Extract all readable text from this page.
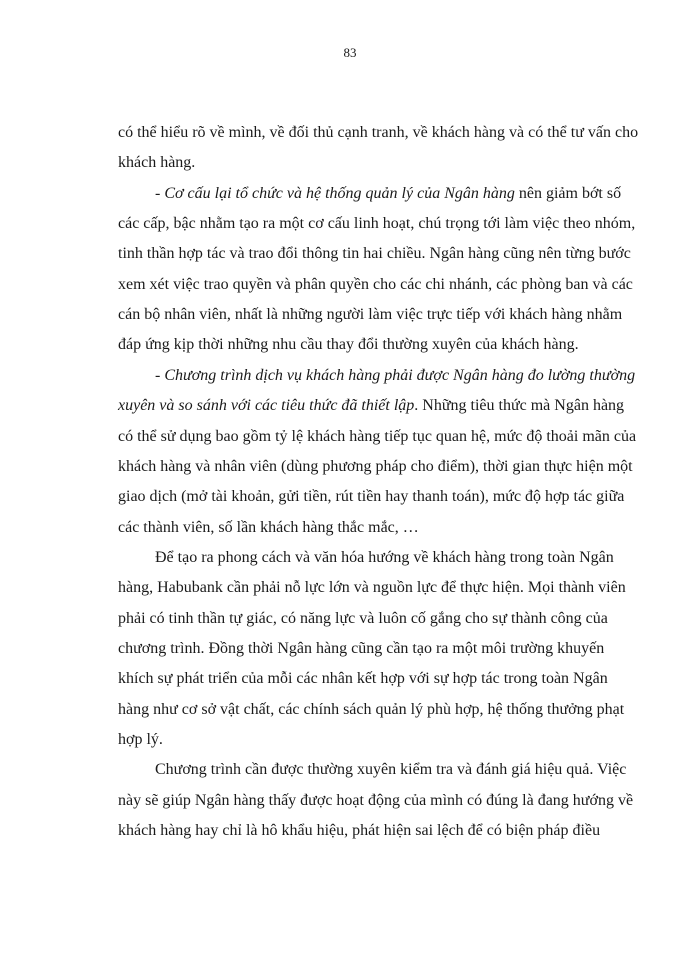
83
có thể hiểu rõ về mình, về đối thủ cạnh tranh, về khách hàng và có thể tư vấn cho
khách hàng.
- Cơ cấu lại tổ chức và hệ thống quản lý của Ngân hàng nên giảm bớt số
các cấp, bậc nhằm tạo ra một cơ cấu linh hoạt, chú trọng tới làm việc theo nhóm,
tinh thần hợp tác và trao đổi thông tin hai chiều. Ngân hàng cũng nên từng bước
xem xét việc trao quyền và phân quyền cho các chi nhánh, các phòng ban và các
cán bộ nhân viên, nhất là những người làm việc trực tiếp với khách hàng nhằm
đáp ứng kịp thời những nhu cầu thay đổi thường xuyên của khách hàng.
- Chương trình dịch vụ khách hàng phải được Ngân hàng đo lường thường
xuyên và so sánh với các tiêu thức đã thiết lập. Những tiêu thức mà Ngân hàng
có thể sử dụng bao gồm tỷ lệ khách hàng tiếp tục quan hệ, mức độ thoải mãn của
khách hàng và nhân viên (dùng phương pháp cho điểm), thời gian thực hiện một
giao dịch (mở tài khoản, gửi tiền, rút tiền hay thanh toán), mức độ hợp tác giữa
các thành viên, số lần khách hàng thắc mắc, …
Để tạo ra phong cách và văn hóa hướng về khách hàng trong toàn Ngân
hàng, Habubank cần phải nỗ lực lớn và nguồn lực để thực hiện. Mọi thành viên
phải có tinh thần tự giác, có năng lực và luôn cố gắng cho sự thành công của
chương trình. Đồng thời Ngân hàng cũng cần tạo ra một môi trường khuyến
khích sự phát triển của mỗi các nhân kết hợp với sự hợp tác trong toàn Ngân
hàng như cơ sở vật chất, các chính sách quản lý phù hợp, hệ thống thưởng phạt
hợp lý.
Chương trình cần được thường xuyên kiểm tra và đánh giá hiệu quả. Việc
này sẽ giúp Ngân hàng thấy được hoạt động của mình có đúng là đang hướng về
khách hàng hay chỉ là hô khẩu hiệu, phát hiện sai lệch để có biện pháp điều
